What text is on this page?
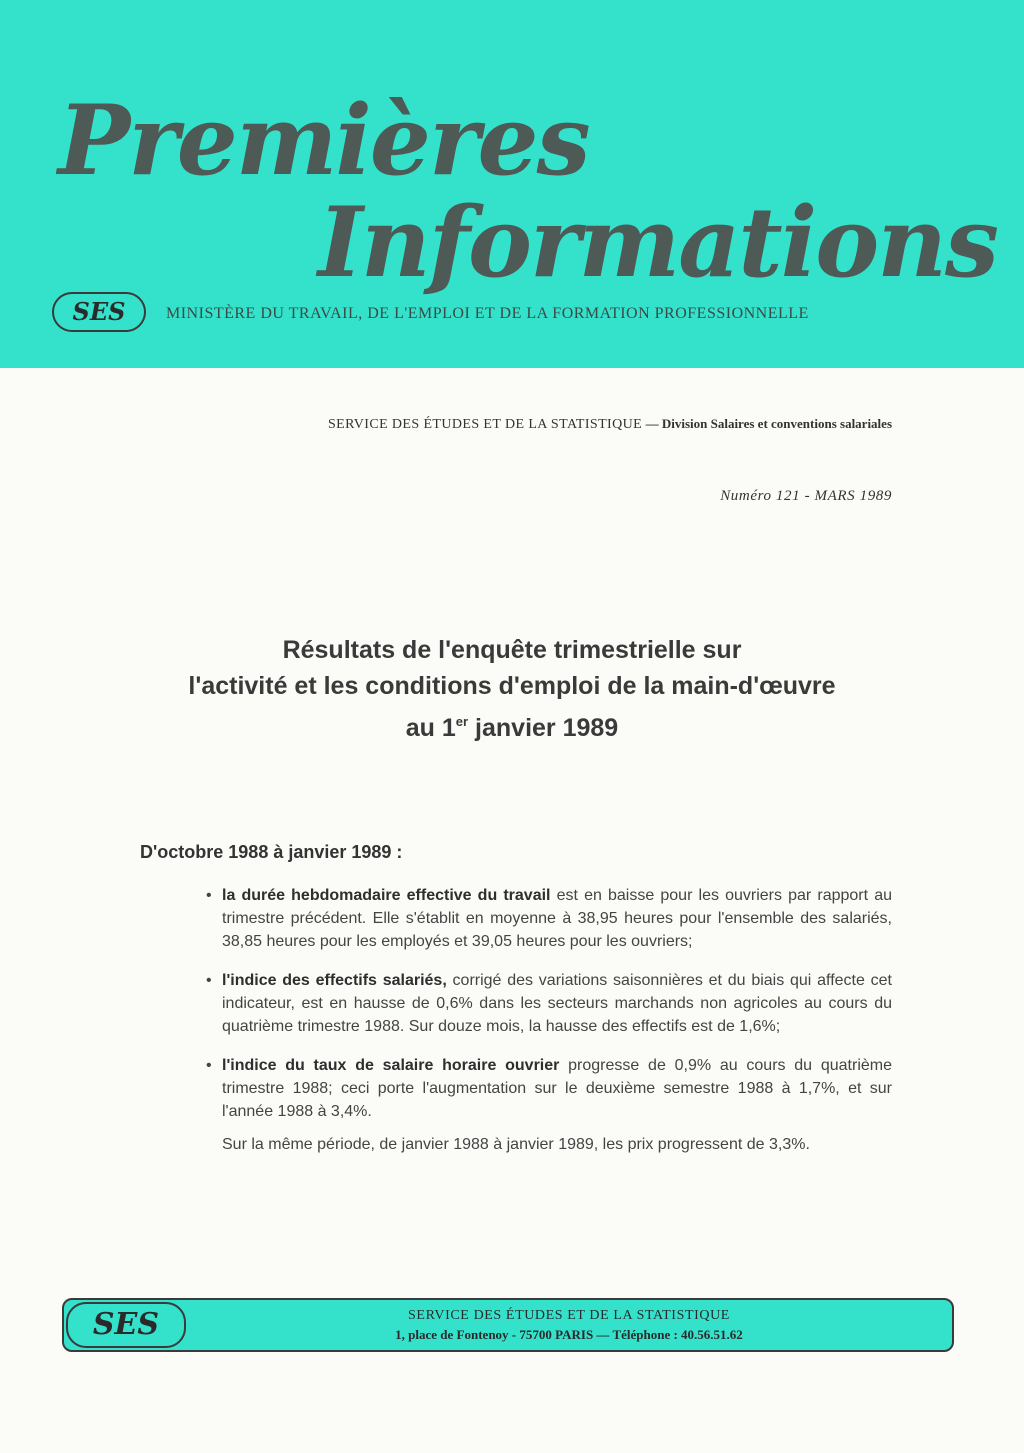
Premières
Informations
SES	MINISTÈRE DU TRAVAIL, DE L'EMPLOI ET DE LA FORMATION PROFESSIONNELLE
SERVICE DES ÉTUDES ET DE LA STATISTIQUE — Division Salaires et conventions salariales
Numéro 121 - MARS 1989
Résultats de l'enquête trimestrielle sur
l'activité et les conditions d'emploi de la main-d'œuvre
au 1er janvier 1989
D'octobre 1988 à janvier 1989 :
• la durée hebdomadaire effective du travail est en baisse pour les ouvriers par rapport au trimestre précédent. Elle s'établit en moyenne à 38,95 heures pour l'ensemble des salariés, 38,85 heures pour les employés et 39,05 heures pour les ouvriers;
• l'indice des effectifs salariés, corrigé des variations saisonnières et du biais qui affecte cet indicateur, est en hausse de 0,6% dans les secteurs marchands non agricoles au cours du quatrième trimestre 1988. Sur douze mois, la hausse des effectifs est de 1,6%;
• l'indice du taux de salaire horaire ouvrier progresse de 0,9% au cours du quatrième trimestre 1988; ceci porte l'augmentation sur le deuxième semestre 1988 à 1,7%, et sur l'année 1988 à 3,4%.
Sur la même période, de janvier 1988 à janvier 1989, les prix progressent de 3,3%.
SES	SERVICE DES ÉTUDES ET DE LA STATISTIQUE
1, place de Fontenoy - 75700 PARIS — Téléphone : 40.56.51.62
